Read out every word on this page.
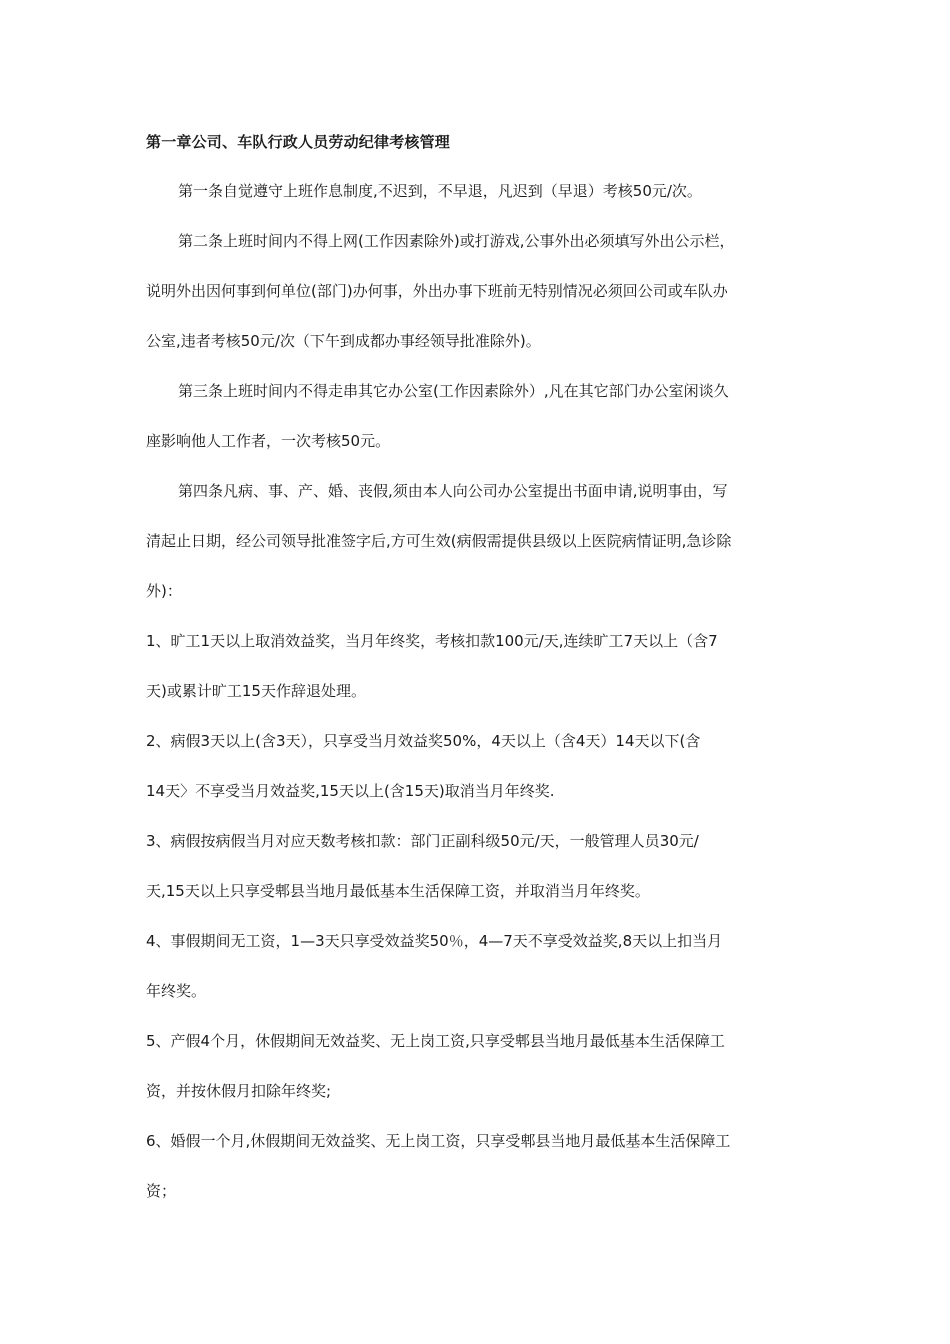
第一章公司、车队行政人员劳动纪律考核管理
第一条自觉遵守上班作息制度,不迟到，不早退，凡迟到（早退）考核50元/次。
第二条上班时间内不得上网(工作因素除外)或打游戏,公事外出必须填写外出公示栏，
说明外出因何事到何单位(部门)办何事，外出办事下班前无特别情况必须回公司或车队办
公室,违者考核50元/次（下午到成都办事经领导批准除外)。
第三条上班时间内不得走串其它办公室(工作因素除外）,凡在其它部门办公室闲谈久
座影响他人工作者，一次考核50元。
第四条凡病、事、产、婚、丧假,须由本人向公司办公室提出书面申请,说明事由，写
清起止日期，经公司领导批准签字后,方可生效(病假需提供县级以上医院病情证明,急诊除
外)：
1、旷工1天以上取消效益奖，当月年终奖，考核扣款100元/天,连续旷工7天以上（含7
天)或累计旷工15天作辞退处理。
2、病假3天以上(含3天），只享受当月效益奖50%，4天以上（含4天）14天以下(含
14天〉不享受当月效益奖,15天以上(含15天)取消当月年终奖.
3、病假按病假当月对应天数考核扣款：部门正副科级50元/天，一般管理人员30元/
天,15天以上只享受郫县当地月最低基本生活保障工资，并取消当月年终奖。
4、事假期间无工资，1—3天只享受效益奖50％，4—7天不享受效益奖,8天以上扣当月
年终奖。
5、产假4个月，休假期间无效益奖、无上岗工资,只享受郫县当地月最低基本生活保障工
资，并按休假月扣除年终奖;
6、婚假一个月,休假期间无效益奖、无上岗工资，只享受郫县当地月最低基本生活保障工
资；
